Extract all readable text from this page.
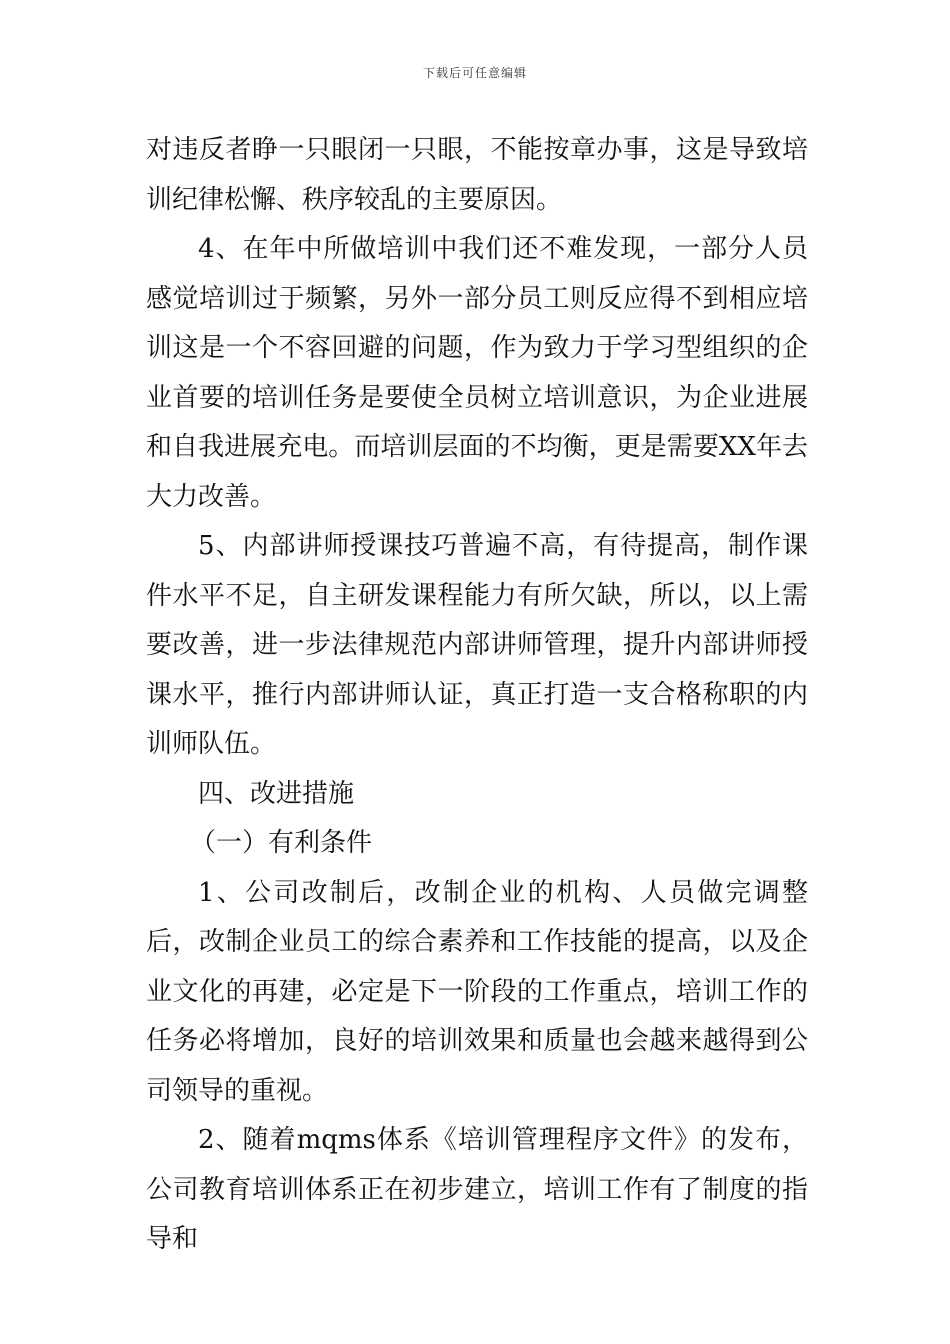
下载后可任意编辑

对违反者睁一只眼闭一只眼，不能按章办事，这是导致培训纪律松懈、秩序较乱的主要原因。

4、在年中所做培训中我们还不难发现，一部分人员感觉培训过于频繁，另外一部分员工则反应得不到相应培训这是一个不容回避的问题，作为致力于学习型组织的企业首要的培训任务是要使全员树立培训意识，为企业进展和自我进展充电。而培训层面的不均衡，更是需要XX年去大力改善。

5、内部讲师授课技巧普遍不高，有待提高，制作课件水平不足，自主研发课程能力有所欠缺，所以，以上需要改善，进一步法律规范内部讲师管理，提升内部讲师授课水平，推行内部讲师认证，真正打造一支合格称职的内训师队伍。

四、改进措施

（一）有利条件

1、公司改制后，改制企业的机构、人员做完调整后，改制企业员工的综合素养和工作技能的提高，以及企业文化的再建，必定是下一阶段的工作重点，培训工作的任务必将增加，良好的培训效果和质量也会越来越得到公司领导的重视。

2、随着mqms体系《培训管理程序文件》的发布，公司教育培训体系正在初步建立，培训工作有了制度的指导和
